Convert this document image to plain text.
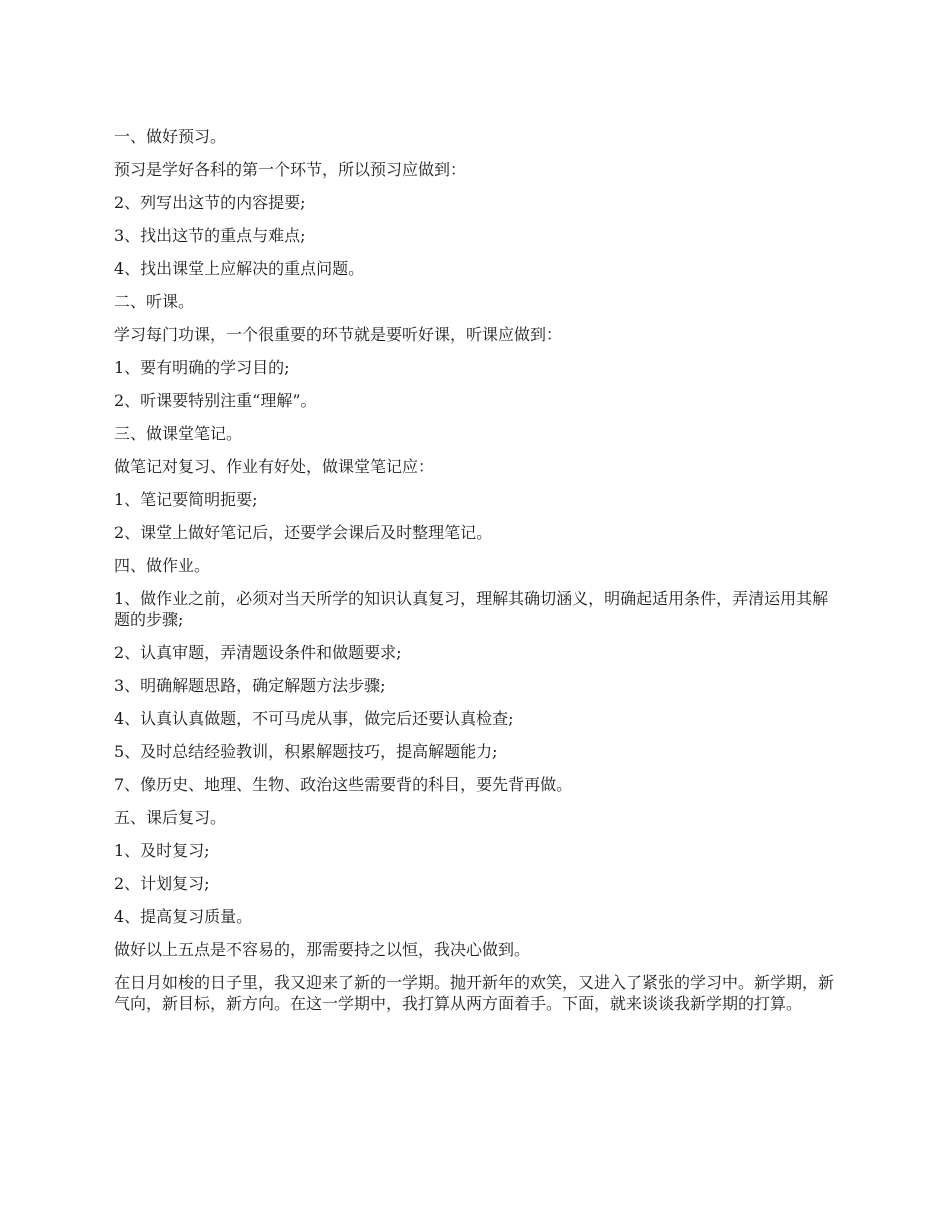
一、做好预习。

预习是学好各科的第一个环节，所以预习应做到：

2、列写出这节的内容提要;

3、找出这节的重点与难点;

4、找出课堂上应解决的重点问题。

二、听课。

学习每门功课，一个很重要的环节就是要听好课，听课应做到：

1、要有明确的学习目的;

2、听课要特别注重“理解”。

三、做课堂笔记。

做笔记对复习、作业有好处，做课堂笔记应：

1、笔记要简明扼要;

2、课堂上做好笔记后，还要学会课后及时整理笔记。

四、做作业。

1、做作业之前，必须对当天所学的知识认真复习，理解其确切涵义，明确起适用条件，弄清运用其解题的步骤;

2、认真审题，弄清题设条件和做题要求;

3、明确解题思路，确定解题方法步骤;

4、认真认真做题，不可马虎从事，做完后还要认真检查;

5、及时总结经验教训，积累解题技巧，提高解题能力;

7、像历史、地理、生物、政治这些需要背的科目，要先背再做。

五、课后复习。

1、及时复习;

2、计划复习;

4、提高复习质量。

做好以上五点是不容易的，那需要持之以恒，我决心做到。

在日月如梭的日子里，我又迎来了新的一学期。抛开新年的欢笑，又进入了紧张的学习中。新学期，新气向，新目标，新方向。在这一学期中，我打算从两方面着手。下面，就来谈谈我新学期的打算。
